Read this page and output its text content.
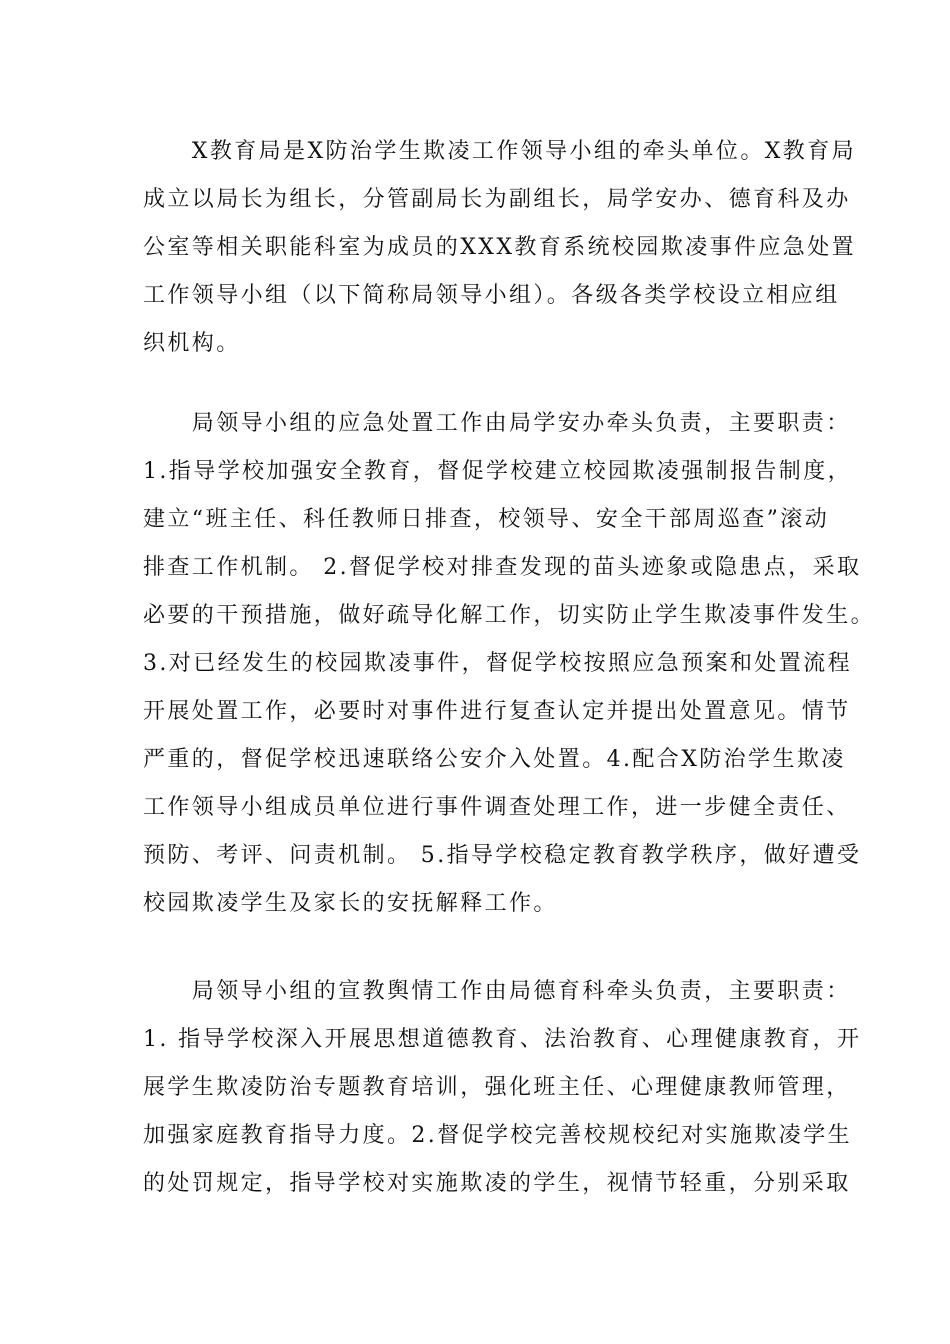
　　X教育局是X防治学生欺凌工作领导小组的牵头单位。X教育局
成立以局长为组长，分管副局长为副组长，局学安办、德育科及办
公室等相关职能科室为成员的XXX教育系统校园欺凌事件应急处置
工作领导小组（以下简称局领导小组）。各级各类学校设立相应组
织机构。
　　局领导小组的应急处置工作由局学安办牵头负责，主要职责：
1.指导学校加强安全教育，督促学校建立校园欺凌强制报告制度，
建立“班主任、科任教师日排查，校领导、安全干部周巡查”滚动
排查工作机制。 2.督促学校对排查发现的苗头迹象或隐患点，采取
必要的干预措施，做好疏导化解工作，切实防止学生欺凌事件发生。
3.对已经发生的校园欺凌事件，督促学校按照应急预案和处置流程
开展处置工作，必要时对事件进行复查认定并提出处置意见。情节
严重的，督促学校迅速联络公安介入处置。4.配合X防治学生欺凌
工作领导小组成员单位进行事件调查处理工作，进一步健全责任、
预防、考评、问责机制。 5.指导学校稳定教育教学秩序，做好遭受
校园欺凌学生及家长的安抚解释工作。
　　局领导小组的宣教舆情工作由局德育科牵头负责，主要职责：
1. 指导学校深入开展思想道德教育、法治教育、心理健康教育，开
展学生欺凌防治专题教育培训，强化班主任、心理健康教师管理，
加强家庭教育指导力度。2.督促学校完善校规校纪对实施欺凌学生
的处罚规定，指导学校对实施欺凌的学生，视情节轻重，分别采取
